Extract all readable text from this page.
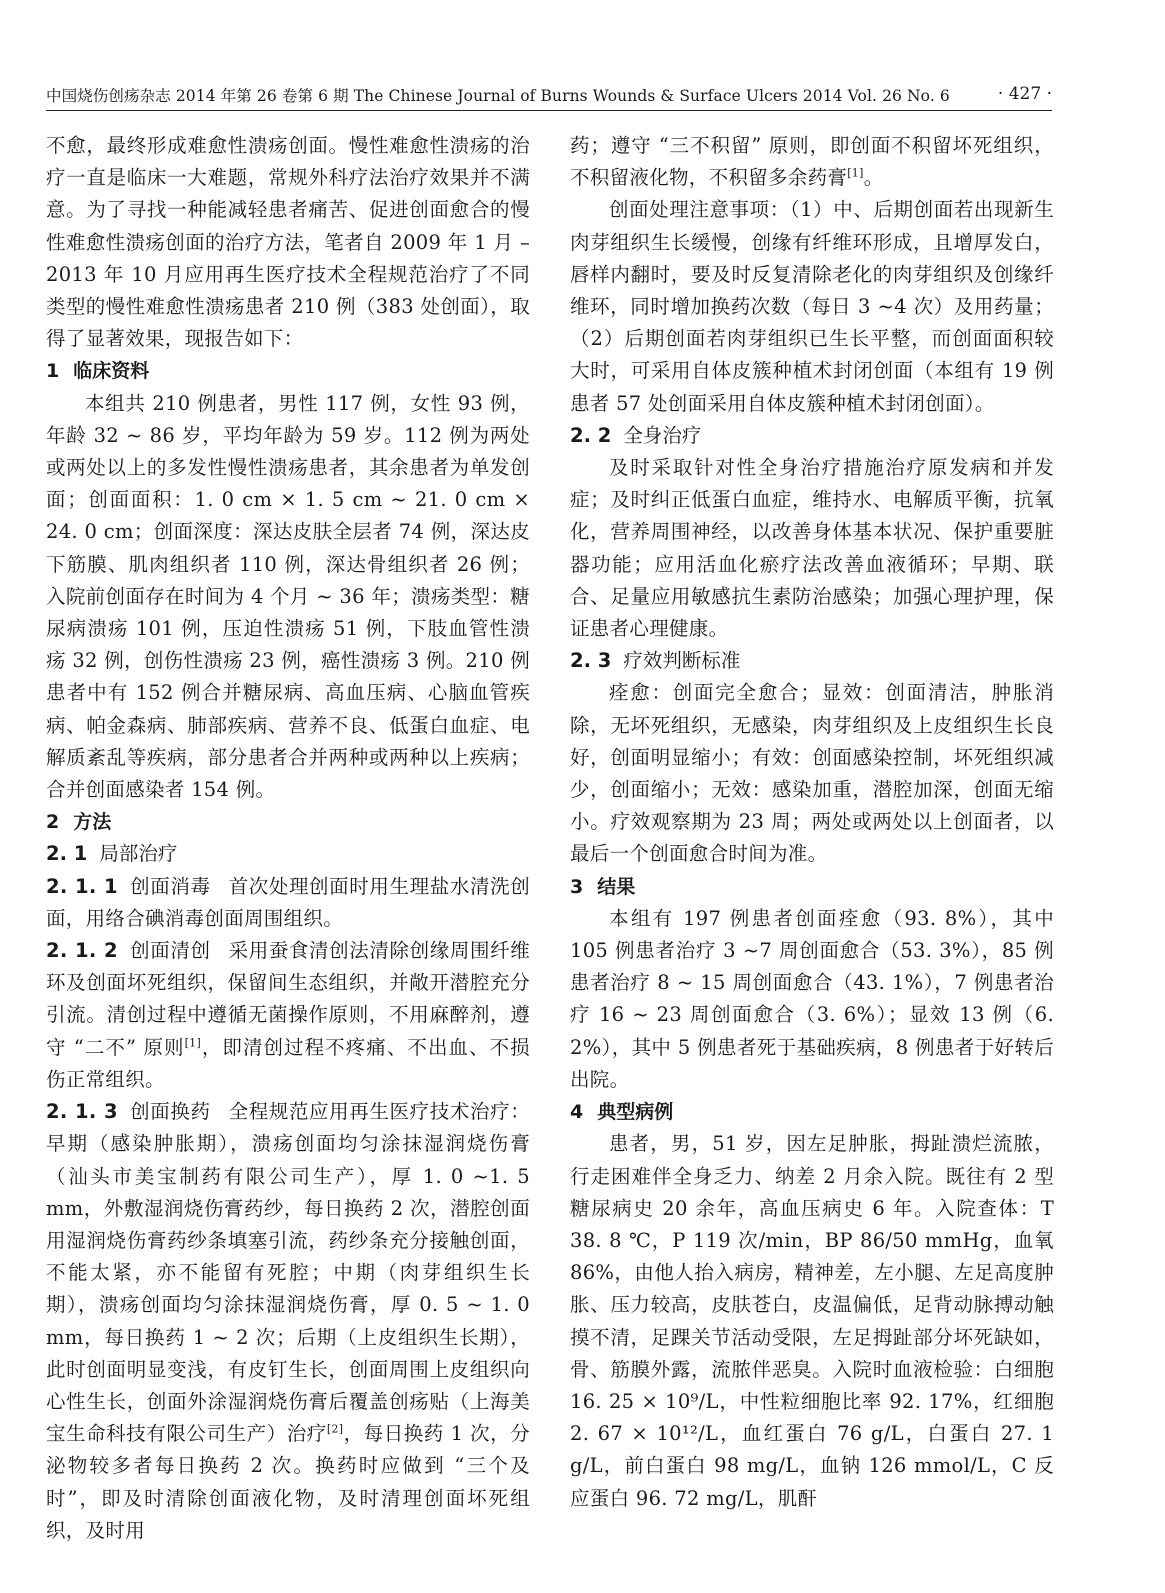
中国烧伤创疡杂志 2014 年第 26 卷第 6 期 The Chinese Journal of Burns Wounds & Surface Ulcers 2014 Vol. 26 No. 6	· 427 ·

不愈，最终形成难愈性溃疡创面。慢性难愈性溃疡的治疗一直是临床一大难题，常规外科疗法治疗效果并不满意。为了寻找一种能减轻患者痛苦、促进创面愈合的慢性难愈性溃疡创面的治疗方法，笔者自 2009 年 1 月 –2013 年 10 月应用再生医疗技术全程规范治疗了不同类型的慢性难愈性溃疡患者 210 例（383 处创面），取得了显著效果，现报告如下：

1 临床资料

本组共 210 例患者，男性 117 例，女性 93 例，年龄 32 ~ 86 岁，平均年龄为 59 岁。112 例为两处或两处以上的多发性慢性溃疡患者，其余患者为单发创面；创面面积：1. 0 cm × 1. 5 cm ~ 21. 0 cm × 24. 0 cm；创面深度：深达皮肤全层者 74 例，深达皮下筋膜、肌肉组织者 110 例，深达骨组织者 26 例；入院前创面存在时间为 4 个月 ~ 36 年；溃疡类型：糖尿病溃疡 101 例，压迫性溃疡 51 例，下肢血管性溃疡 32 例，创伤性溃疡 23 例，癌性溃疡 3 例。210 例患者中有 152 例合并糖尿病、高血压病、心脑血管疾病、帕金森病、肺部疾病、营养不良、低蛋白血症、电解质紊乱等疾病，部分患者合并两种或两种以上疾病；合并创面感染者 154 例。

2 方法
2. 1 局部治疗

2. 1. 1 创面消毒 首次处理创面时用生理盐水清洗创面，用络合碘消毒创面周围组织。

2. 1. 2 创面清创 采用蚕食清创法清除创缘周围纤维环及创面坏死组织，保留间生态组织，并敞开潜腔充分引流。清创过程中遵循无菌操作原则，不用麻醉剂，遵守 “二不” 原则[1]，即清创过程不疼痛、不出血、不损伤正常组织。

2. 1. 3 创面换药 全程规范应用再生医疗技术治疗：早期（感染肿胀期），溃疡创面均匀涂抹湿润烧伤膏（汕头市美宝制药有限公司生产），厚 1. 0 ~1. 5 mm，外敷湿润烧伤膏药纱，每日换药 2 次，潜腔创面用湿润烧伤膏药纱条填塞引流，药纱条充分接触创面，不能太紧，亦不能留有死腔；中期（肉芽组织生长期），溃疡创面均匀涂抹湿润烧伤膏，厚 0. 5 ~ 1. 0 mm，每日换药 1 ~ 2 次；后期（上皮组织生长期），此时创面明显变浅，有皮钉生长，创面周围上皮组织向心性生长，创面外涂湿润烧伤膏后覆盖创疡贴（上海美宝生命科技有限公司生产）治疗[2]，每日换药 1 次，分泌物较多者每日换药 2 次。换药时应做到 “三个及时”，即及时清除创面液化物，及时清理创面坏死组织，及时用

药；遵守 “三不积留” 原则，即创面不积留坏死组织，不积留液化物，不积留多余药膏[1]。

创面处理注意事项：（1）中、后期创面若出现新生肉芽组织生长缓慢，创缘有纤维环形成，且增厚发白，唇样内翻时，要及时反复清除老化的肉芽组织及创缘纤维环，同时增加换药次数（每日 3 ~4 次）及用药量；（2）后期创面若肉芽组织已生长平整，而创面面积较大时，可采用自体皮簇种植术封闭创面（本组有 19 例患者 57 处创面采用自体皮簇种植术封闭创面）。

2. 2 全身治疗

及时采取针对性全身治疗措施治疗原发病和并发症；及时纠正低蛋白血症，维持水、电解质平衡，抗氧化，营养周围神经，以改善身体基本状况、保护重要脏器功能；应用活血化瘀疗法改善血液循环；早期、联合、足量应用敏感抗生素防治感染；加强心理护理，保证患者心理健康。

2. 3 疗效判断标准

痊愈：创面完全愈合；显效：创面清洁，肿胀消除，无坏死组织，无感染，肉芽组织及上皮组织生长良好，创面明显缩小；有效：创面感染控制，坏死组织减少，创面缩小；无效：感染加重，潜腔加深，创面无缩小。疗效观察期为 23 周；两处或两处以上创面者，以最后一个创面愈合时间为准。

3 结果

本组有 197 例患者创面痊愈（93. 8%），其中 105 例患者治疗 3 ~7 周创面愈合（53. 3%），85 例患者治疗 8 ~ 15 周创面愈合（43. 1%），7 例患者治疗 16 ~ 23 周创面愈合（3. 6%）；显效 13 例（6. 2%），其中 5 例患者死于基础疾病，8 例患者于好转后出院。

4 典型病例

患者，男，51 岁，因左足肿胀，拇趾溃烂流脓，行走困难伴全身乏力、纳差 2 月余入院。既往有 2 型糖尿病史 20 余年，高血压病史 6 年。入院查体：T 38. 8 ℃，P 119 次/min，BP 86/50 mmHg，血氧 86%，由他人抬入病房，精神差，左小腿、左足高度肿胀、压力较高，皮肤苍白，皮温偏低，足背动脉搏动触摸不清，足踝关节活动受限，左足拇趾部分坏死缺如，骨、筋膜外露，流脓伴恶臭。入院时血液检验：白细胞 16. 25 × 10⁹/L，中性粒细胞比率 92. 17%，红细胞 2. 67 × 10¹²/L，血红蛋白 76 g/L，白蛋白 27. 1 g/L，前白蛋白 98 mg/L，血钠 126 mmol/L，C 反应蛋白 96. 72 mg/L，肌酐
